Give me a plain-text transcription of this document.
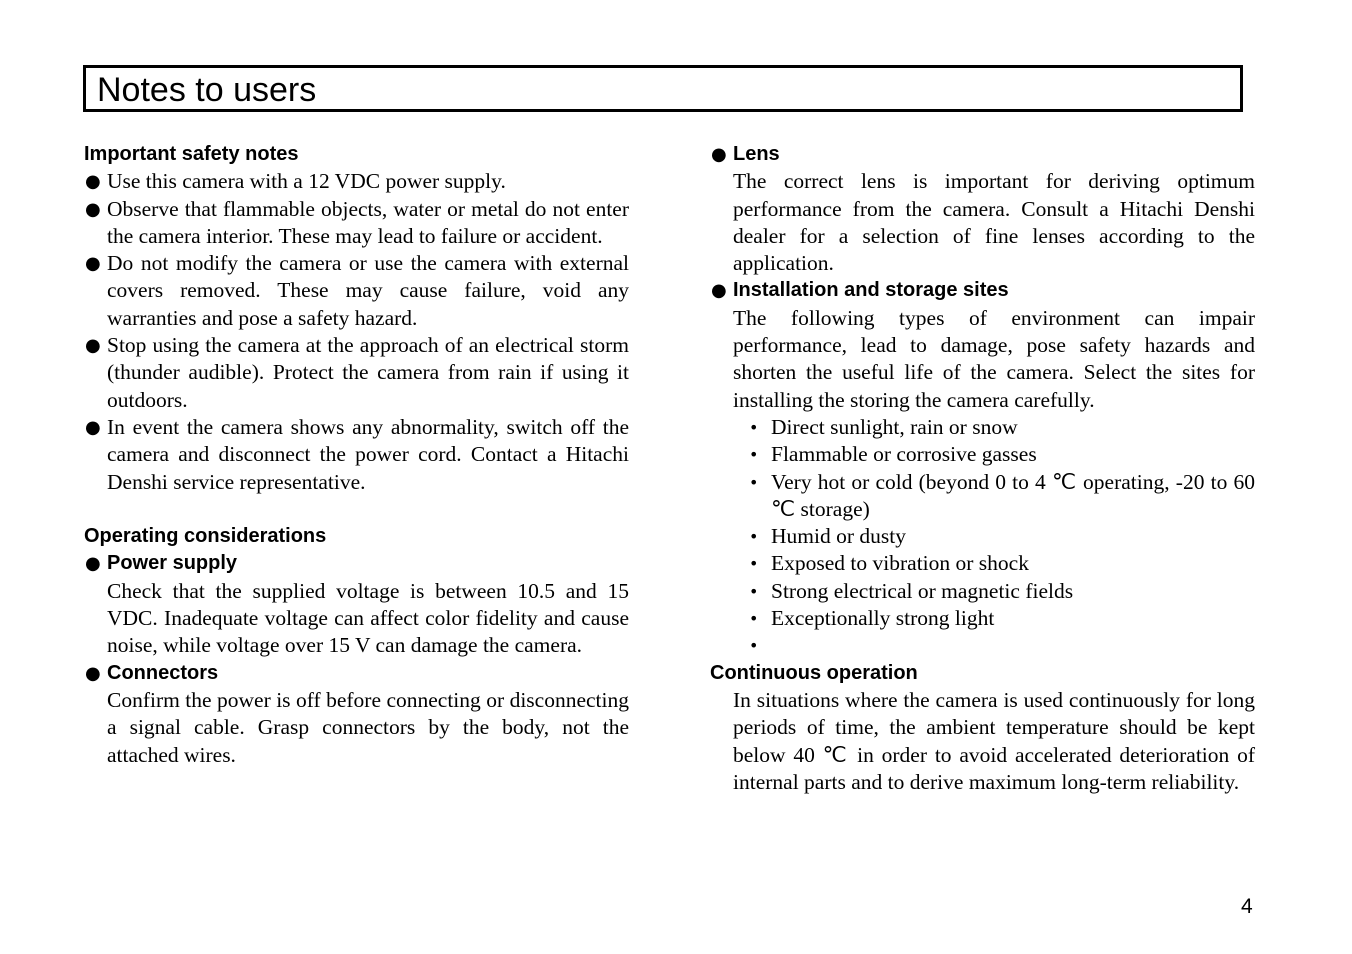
Notes to users
Important safety notes
● Use this camera with a 12 VDC power supply.
● Observe that flammable objects, water or metal do not enter the camera interior. These may lead to failure or accident.
● Do not modify the camera or use the camera with external covers removed. These may cause failure, void any warranties and pose a safety hazard.
● Stop using the camera at the approach of an electrical storm (thunder audible). Protect the camera from rain if using it outdoors.
● In event the camera shows any abnormality, switch off the camera and disconnect the power cord. Contact a Hitachi Denshi service representative.
Operating considerations
● Power supply
Check that the supplied voltage is between 10.5 and 15 VDC. Inadequate voltage can affect color fidelity and cause noise, while voltage over 15 V can damage the camera.
● Connectors
Confirm the power is off before connecting or disconnecting a signal cable. Grasp connectors by the body, not the attached wires.
● Lens
The correct lens is important for deriving optimum performance from the camera. Consult a Hitachi Denshi dealer for a selection of fine lenses according to the application.
● Installation and storage sites
The following types of environment can impair performance, lead to damage, pose safety hazards and shorten the useful life of the camera. Select the sites for installing the storing the camera carefully.
• Direct sunlight, rain or snow
• Flammable or corrosive gasses
• Very hot or cold (beyond 0 to 4 ℃ operating, -20 to 60 ℃ storage)
• Humid or dusty
• Exposed to vibration or shock
• Strong electrical or magnetic fields
• Exceptionally strong light
•
Continuous operation
In situations where the camera is used continuously for long periods of time, the ambient temperature should be kept below 40 ℃ in order to avoid accelerated deterioration of internal parts and to derive maximum long-term reliability.
4
